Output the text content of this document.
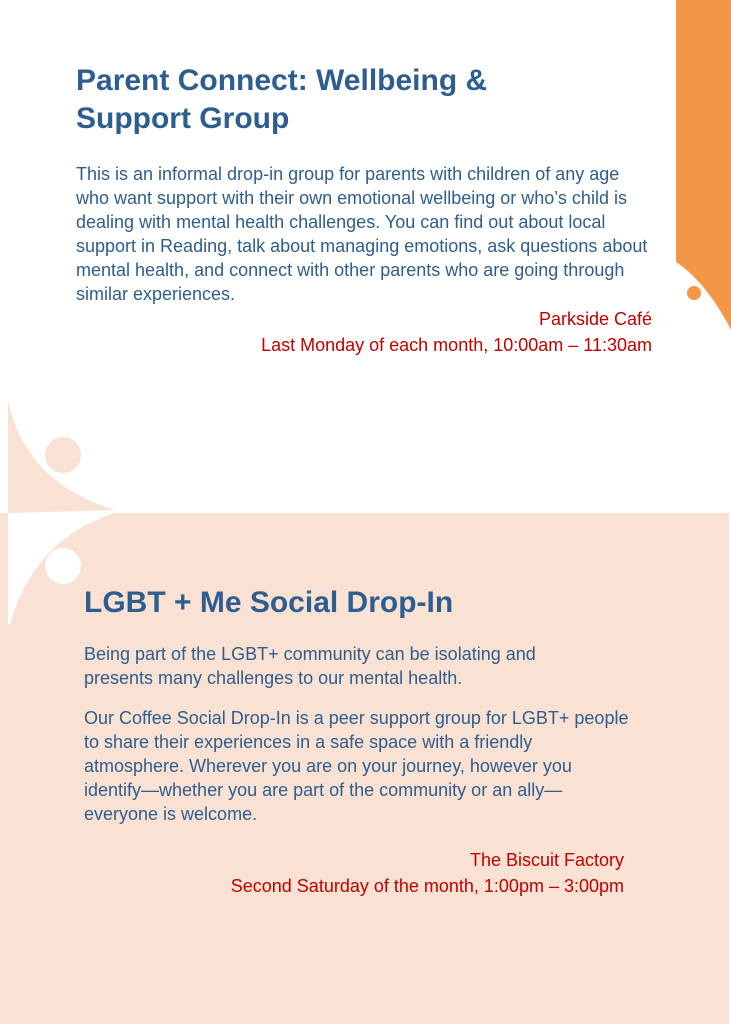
Parent Connect: Wellbeing & Support Group

This is an informal drop-in group for parents with children of any age who want support with their own emotional wellbeing or who’s child is dealing with mental health challenges. You can find out about local support in Reading, talk about managing emotions, ask questions about mental health, and connect with other parents who are going through similar experiences.

Parkside Café
Last Monday of each month, 10:00am – 11:30am
LGBT + Me Social Drop-In

Being part of the LGBT+ community can be isolating and presents many challenges to our mental health.

Our Coffee Social Drop-In is a peer support group for LGBT+ people to share their experiences in a safe space with a friendly atmosphere. Wherever you are on your journey, however you identify—whether you are part of the community or an ally—everyone is welcome.

The Biscuit Factory
Second Saturday of the month, 1:00pm – 3:00pm
